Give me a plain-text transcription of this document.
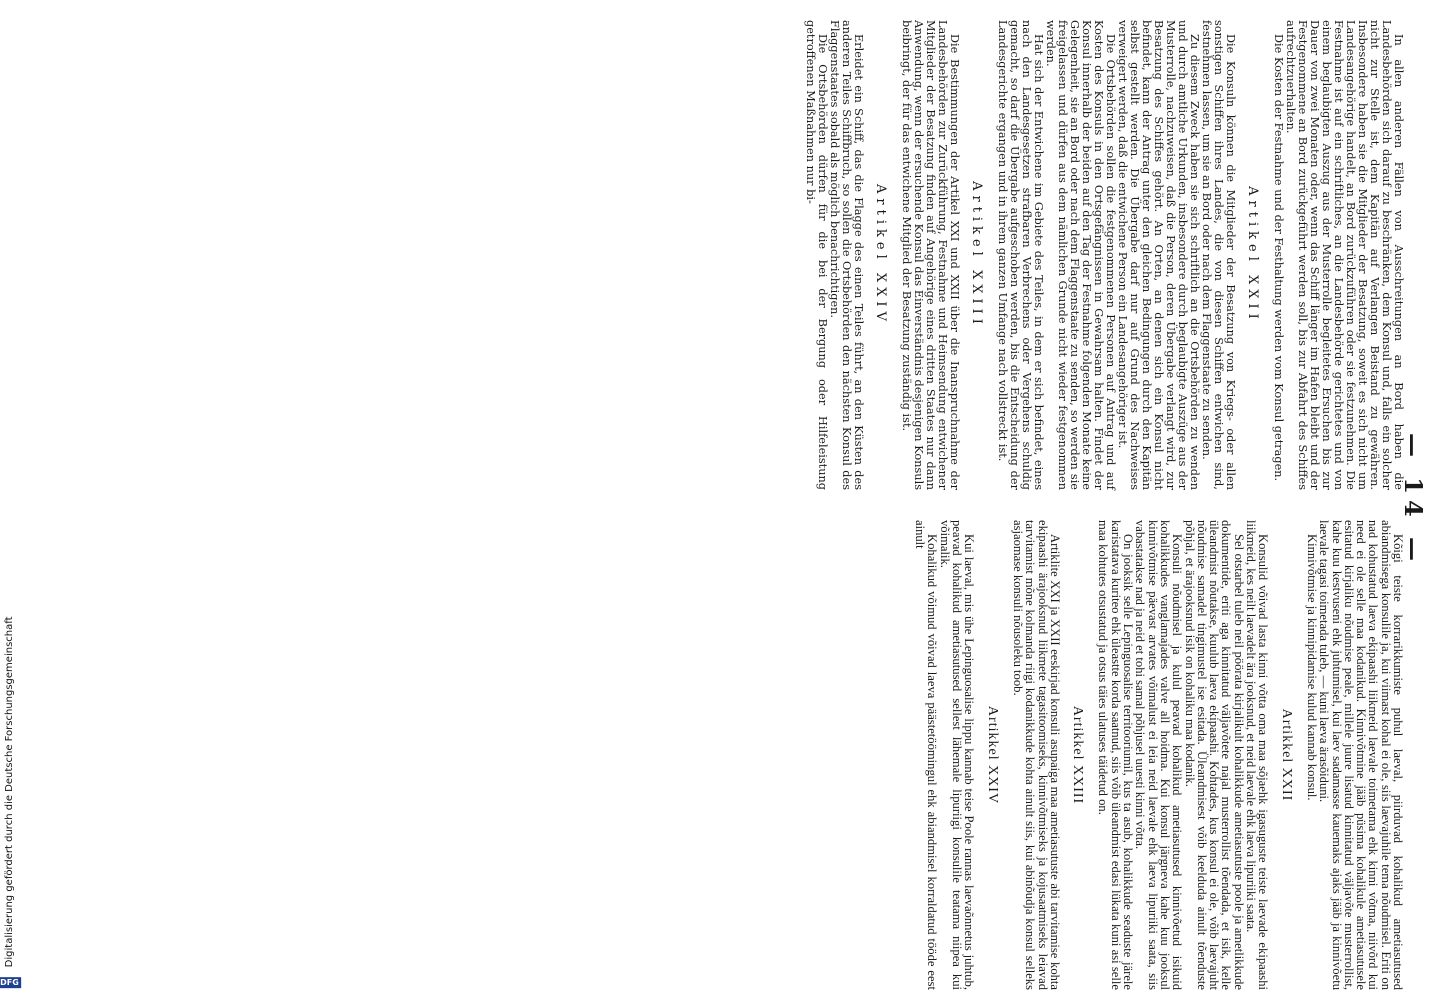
— 14 —

In allen anderen Fällen von Ausschreitungen an Bord haben die Landesbehörden sich darauf zu beschränken, dem Konsul und, falls ein solcher nicht zur Stelle ist, dem Kapitän auf Verlangen Beistand zu gewähren. Insbesondere haben sie die Mitglieder der Besatzung, soweit es sich nicht um Landesangehörige handelt, an Bord zurückzuführen oder sie festzunehmen. Die Festnahme ist auf ein schriftliches, an die Landesbehörde gerichtetes und von einem beglaubigten Auszug aus der Musterrolle begleitetes Ersuchen bis zur Dauer von zwei Monaten oder, wenn das Schiff länger im Hafen bleibt und der Festgenommene an Bord zurückgeführt werden soll, bis zur Abfahrt des Schiffes aufrechtzuerhalten.

Die Kosten der Festnahme und der Festhaltung werden vom Konsul getragen.

Artikel XXII

Die Konsuln können die Mitglieder der Besatzung von Kriegs- oder allen sonstigen Schiffen ihres Landes, die von diesen Schiffen entwichen sind, festnehmen lassen, um sie an Bord oder nach dem Flaggenstaate zu senden.

Zu diesem Zweck haben sie sich schriftlich an die Ortsbehörden zu wenden und durch amtliche Urkunden, insbesondere durch beglaubigte Auszüge aus der Musterrolle, nachzuweisen, daß die Person, deren Übergabe verlangt wird, zur Besatzung des Schiffes gehört. An Orten, an denen sich ein Konsul nicht befindet, kann der Antrag unter den gleichen Bedingungen durch den Kapitän selbst gestellt werden. Die Übergabe darf nur auf Grund des Nachweises verweigert werden, daß die entwichene Person ein Landesangehöriger ist.

Die Ortsbehörden sollen die festgenommenen Personen auf Antrag und auf Kosten des Konsuls in den Ortsgefängnissen in Gewahrsam halten. Findet der Konsul innerhalb der beiden auf den Tag der Festnahme folgenden Monate keine Gelegenheit, sie an Bord oder nach dem Flaggenstaate zu senden, so werden sie freigelassen und dürfen aus dem nämlichen Grunde nicht wieder festgenommen werden.

Hat sich der Entwichene im Gebiete des Teiles, in dem er sich befindet, eines nach den Landesgesetzen strafbaren Verbrechens oder Vergehens schuldig gemacht, so darf die Übergabe aufgeschoben werden, bis die Entscheidung der Landesgerichte ergangen und in ihrem ganzen Umfange nach vollstreckt ist.

Artikel XXIII

Die Bestimmungen der Artikel XXI und XXII über die Inanspruchnahme der Landesbehörden zur Zurückführung, Festnahme und Heimsendung entwichener Mitglieder der Besatzung finden auf Angehörige eines dritten Staates nur dann Anwendung, wenn der ersuchende Konsul das Einverständnis desjenigen Konsuls beibringt, der für das entwichene Mitglied der Besatzung zuständig ist.

Artikel XXIV

Erleidet ein Schiff, das die Flagge des einen Teiles führt, an den Küsten des anderen Teiles Schiffbruch, so sollen die Ortsbehörden den nächsten Konsul des Flaggenstaates sobald als möglich benachrichtigen.

Die Ortsbehörden dürfen für die bei der Bergung oder Hilfeleistung getroffenen Maßnahmen nur bi-

Kõigi teiste korrarikkumiste puhul laeval, piirduvad kohalikud ametiasutused abiandmisega konsulile ja, kui viimast kohal ei ole, siis laevajuhile tema nõudmisel. Eriti on nad kohustatud laeva ekipaashi liikmeid laevale toimetama ehk kinni võtma, niivõrd kui need ei ole selle maa kodanikud. Kinnivõtmine jääb püsima kohalikule ametiasutusele esitatud kirjaliku nõudmise peale, millele juure lisatud kinnitatud väljavõte musterrollist, kahe kuu kestvuseni ehk juhtumisel, kui laev sadamasse kauemaks ajaks jääb ja kinnivõetu laevale tagasi toimetada tuleb, — kuni laeva ärasõiduni.

Kinnivõtmise ja kinnipidamise kulud kannab konsul.

Artikkel XXII

Konsulid võivad lasta kinni võtta oma maa sõjaehk igasuguste teiste laevade ekipaashi liikmeid, kes neilt laevadelt ära jooksnud, et neid laevale ehk laeva lipuriiki saata.

Sel otstarbel tuleb neil pöörata kirjalikult kohalikkude ametiasutuste poole ja ametlikkude dokumentide, eriti aga kinnitatud väljavõtete najal musterrollist tõendada, et isik, kelle üleandmist nõutakse, kuulub laeva ekipaashi. Kohtades, kus konsul ei ole, võib laevajuht nõudmise samadel tingimustel ise esitada. Üleandmisest võib keelduda ainult tõenduste põhjal, et ärajooksnud isik on kohaliku maa kodanik.

Konsuli nõudmisel ja kulul peavad kohalikud ametiasutused kinnivõetud isikuid kohalikkudes vanglamajades valve all hoidma. Kui konsul järgneva kahe kuu jooksul kinnivõtmise päevast arvates võimalust ei leia neid laevale ehk laeva lipuriiki saata, siis vabastatakse nad ja neid et tohi samal põhjusel uuesti kinni võtta.

On jooksik selle Lepinguosalise territooriumil, kus ta asub, kohalikkude seaduste järele karistatava kuriteo ehk üleastte korda saatnud, siis võib üleandmist edasi lükata kuni asi selle maa kohtutes otsustatud ja otsus täies ulatuses täidetud on.

Artikkel XXIII

Artiklite XXI ja XXII eeskirjad konsuli asupaiga maa ametiasutuste abi tarvitamise kohta ekipaashi ärajooksnud liikmete tagasitoomiseks, kinnivõtmiseks ja kojusaatmiseks leiavad tarvitamist mõne kolmanda riigi kodanikkude kohta ainult siis, kui abinõudja konsul selleks asjaomase konsuli nõusoleku toob.

Artikkel XXIV

Kui laeval, mis ühe Lepinguosalise lippu kannab teise Poole rannas laevaõnnetus juhtub, peavad kohalikud ametiasutused sellest lähemale lipuriigi konsulile teatama niipea kui võimalik.

Kohalikud võimud võivad laeva päästetöömingul ehk abiandmisel korraldatud tööde eest ainult

DFG
Digitalisierung gefördert durch die Deutsche Forschungsgemeinschaft
